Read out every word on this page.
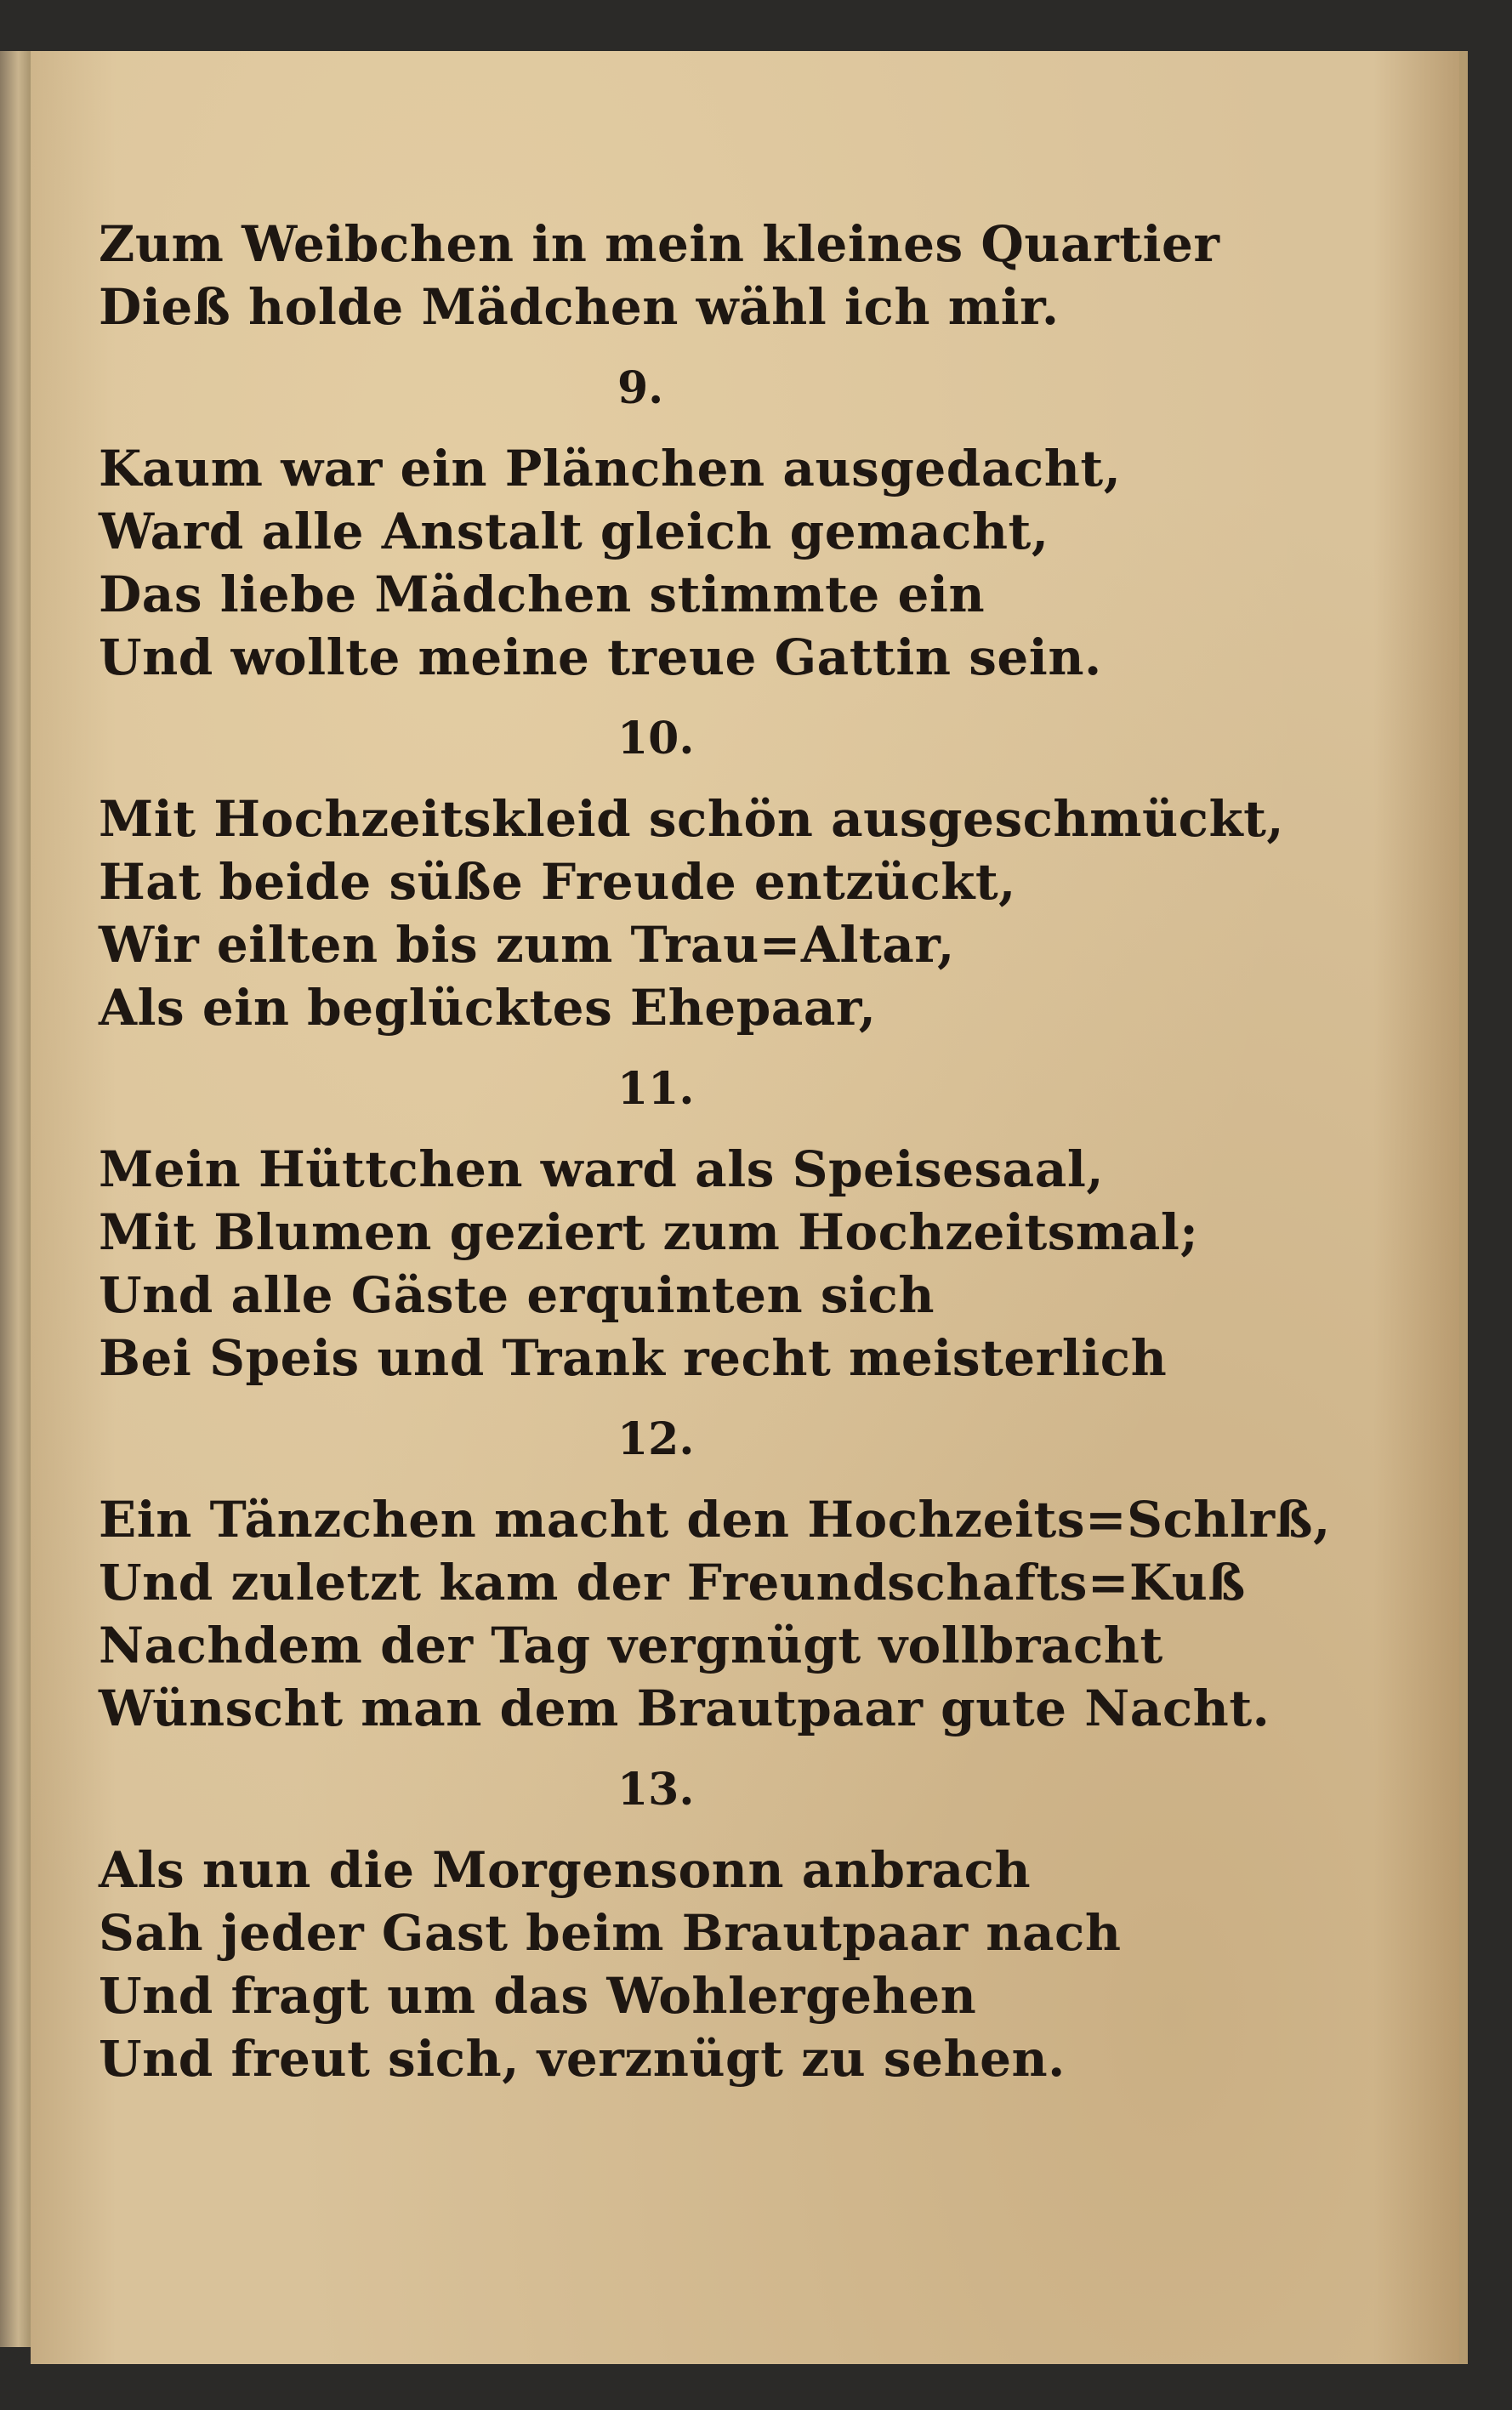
Zum Weibchen in mein kleines Quartier
Dieß holde Mädchen wähl ich mir.
9.
Kaum war ein Plänchen ausgedacht,
Ward alle Anstalt gleich gemacht,
Das liebe Mädchen stimmte ein
Und wollte meine treue Gattin sein.
10.
Mit Hochzeitskleid schön ausgeschmückt,
Hat beide süße Freude entzückt,
Wir eilten bis zum Trau=Altar,
Als ein beglücktes Ehepaar,
11.
Mein Hüttchen ward als Speisesaal,
Mit Blumen geziert zum Hochzeitsmal;
Und alle Gäste erquinten sich
Bei Speis und Trank recht meisterlich
12.
Ein Tänzchen macht den Hochzeits=Schlrß,
Und zuletzt kam der Freundschafts=Kuß
Nachdem der Tag vergnügt vollbracht
Wünscht man dem Brautpaar gute Nacht.
13.
Als nun die Morgensonn anbrach
Sah jeder Gast beim Brautpaar nach
Und fragt um das Wohlergehen
Und freut sich, verznügt zu sehen.
